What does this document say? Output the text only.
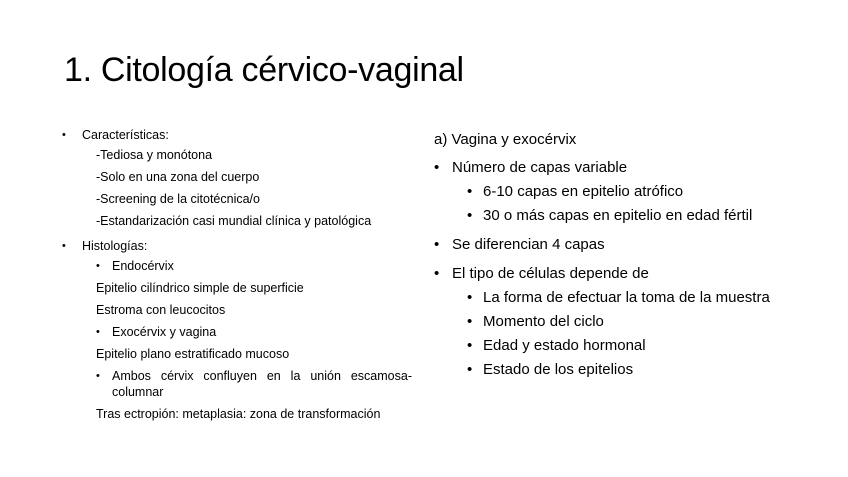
1. Citología cérvico-vaginal
• Características:
-Tediosa y monótona
-Solo en una zona del cuerpo
-Screening de la citotécnica/o
-Estandarización casi mundial clínica y patológica
• Histologías:
• Endocérvix
Epitelio cilíndrico simple de superficie
Estroma con leucocitos
• Exocérvix y vagina
Epitelio plano estratificado mucoso
• Ambos cérvix confluyen en la unión escamosa-columnar
Tras ectropión: metaplasia: zona de transformación
a) Vagina y exocérvix
• Número de capas variable
• 6-10 capas en epitelio atrófico
• 30 o más capas en epitelio en edad fértil
• Se diferencian 4 capas
• El tipo de células depende de
• La forma de efectuar la toma de la muestra
• Momento del ciclo
• Edad y estado hormonal
• Estado de los epitelios
